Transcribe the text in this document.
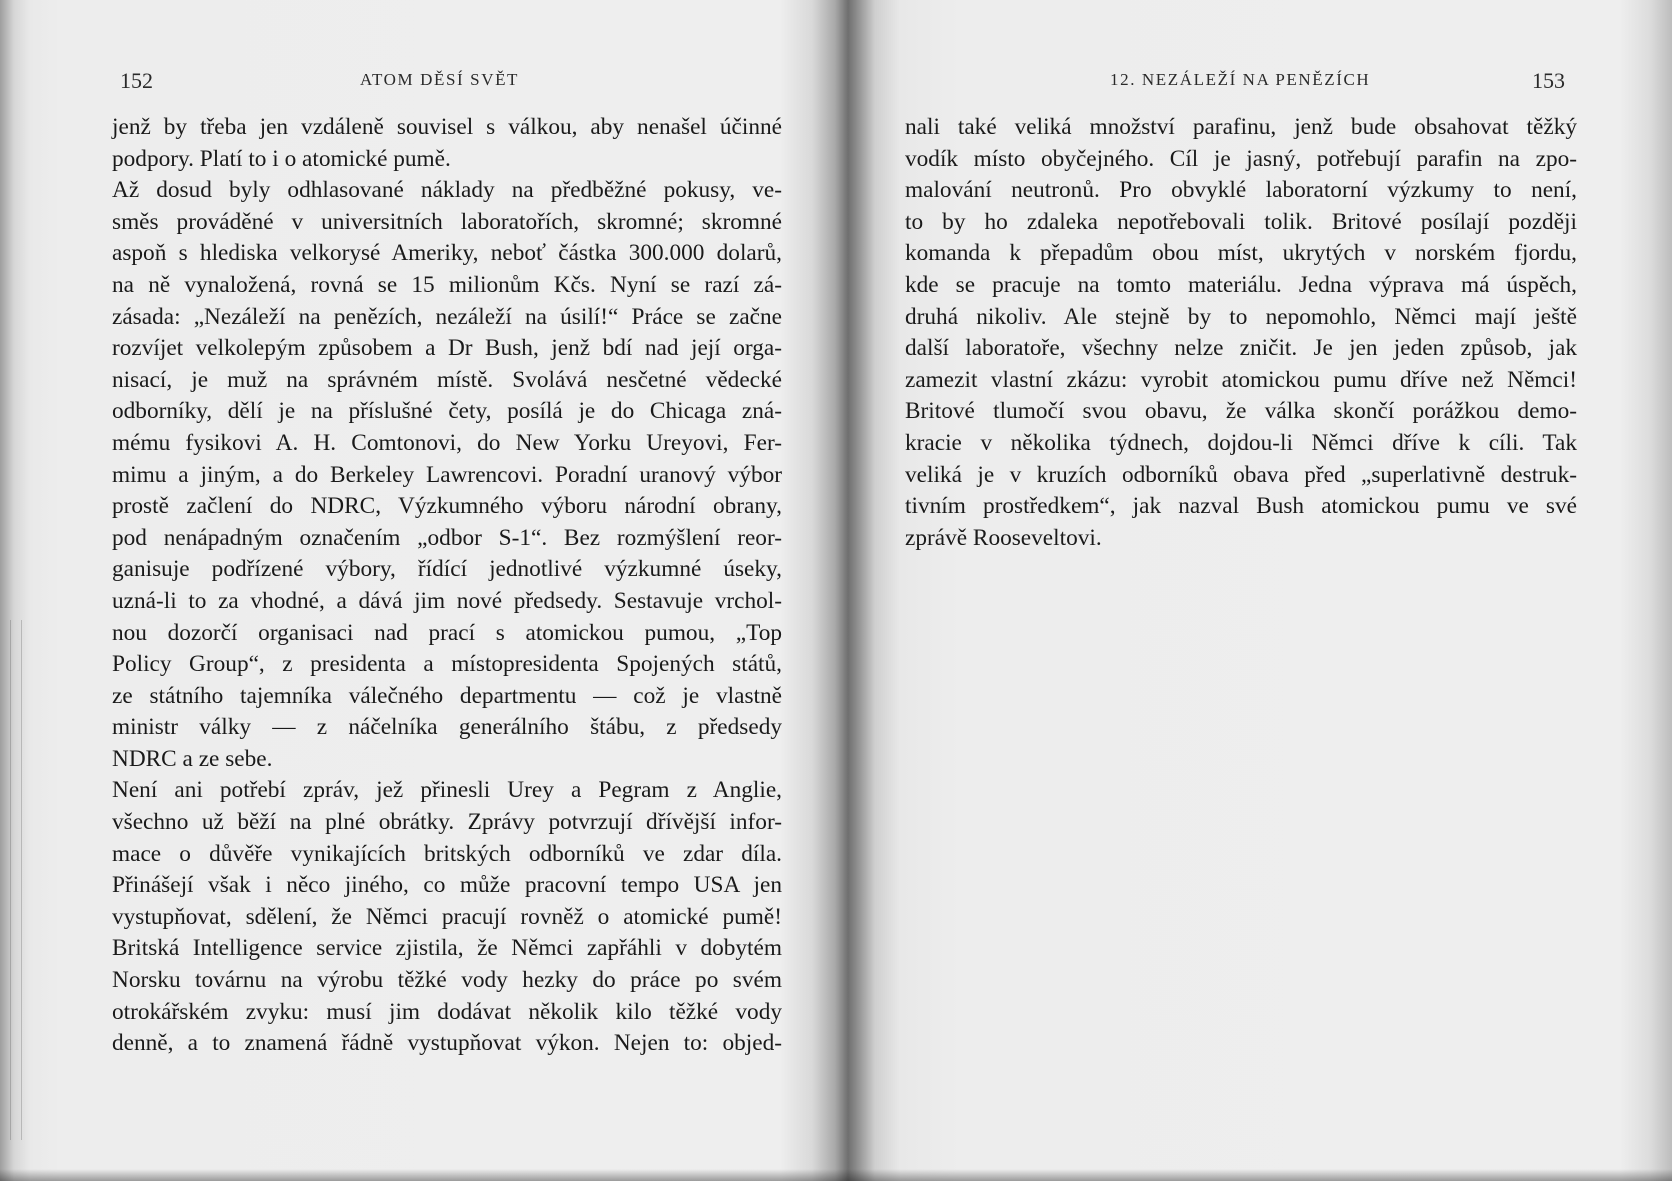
152	ATOM DĚSÍ SVĚT
jenž by třeba jen vzdáleně souvisel s válkou, aby nenašel účinné
podpory. Platí to i o atomické pumě.
Až dosud byly odhlasované náklady na předběžné pokusy, ve-
směs prováděné v universitních laboratořích, skromné; skromné
aspoň s hlediska velkorysé Ameriky, neboť částka 300.000 dolarů,
na ně vynaložená, rovná se 15 milionům Kčs. Nyní se razí zá-
zásada: „Nezáleží na penězích, nezáleží na úsilí!“ Práce se začne
rozvíjet velkolepým způsobem a Dr Bush, jenž bdí nad její orga-
nisací, je muž na správném místě. Svolává nesčetné vědecké
odborníky, dělí je na příslušné čety, posílá je do Chicaga zná-
mému fysikovi A. H. Comtonovi, do New Yorku Ureyovi, Fer-
mimu a jiným, a do Berkeley Lawrencovi. Poradní uranový výbor
prostě začlení do NDRC, Výzkumného výboru národní obrany,
pod nenápadným označením „odbor S-1“. Bez rozmýšlení reor-
ganisuje podřízené výbory, řídící jednotlivé výzkumné úseky,
uzná-li to za vhodné, a dává jim nové předsedy. Sestavuje vrchol-
nou dozorčí organisaci nad prací s atomickou pumou, „Top
Policy Group“, z presidenta a místopresidenta Spojených států,
ze státního tajemníka válečného departmentu — což je vlastně
ministr války — z náčelníka generálního štábu, z předsedy
NDRC a ze sebe.
Není ani potřebí zpráv, jež přinesli Urey a Pegram z Anglie,
všechno už běží na plné obrátky. Zprávy potvrzují dřívější infor-
mace o důvěře vynikajících britských odborníků ve zdar díla.
Přinášejí však i něco jiného, co může pracovní tempo USA jen
vystupňovat, sdělení, že Němci pracují rovněž o atomické pumě!
Britská Intelligence service zjistila, že Němci zapřáhli v dobytém
Norsku továrnu na výrobu těžké vody hezky do práce po svém
otrokářském zvyku: musí jim dodávat několik kilo těžké vody
denně, a to znamená řádně vystupňovat výkon. Nejen to: objed-
12. NEZÁLEŽÍ NA PENĚZÍCH	153
nali také veliká množství parafinu, jenž bude obsahovat těžký
vodík místo obyčejného. Cíl je jasný, potřebují parafin na zpo-
malování neutronů. Pro obvyklé laboratorní výzkumy to není,
to by ho zdaleka nepotřebovali tolik. Britové posílají později
komanda k přepadům obou míst, ukrytých v norském fjordu,
kde se pracuje na tomto materiálu. Jedna výprava má úspěch,
druhá nikoliv. Ale stejně by to nepomohlo, Němci mají ještě
další laboratoře, všechny nelze zničit. Je jen jeden způsob, jak
zamezit vlastní zkázu: vyrobit atomickou pumu dříve než Němci!
Britové tlumočí svou obavu, že válka skončí porážkou demo-
kracie v několika týdnech, dojdou-li Němci dříve k cíli. Tak
veliká je v kruzích odborníků obava před „superlativně destruk-
tivním prostředkem“, jak nazval Bush atomickou pumu ve své
zprávě Rooseveltovi.
